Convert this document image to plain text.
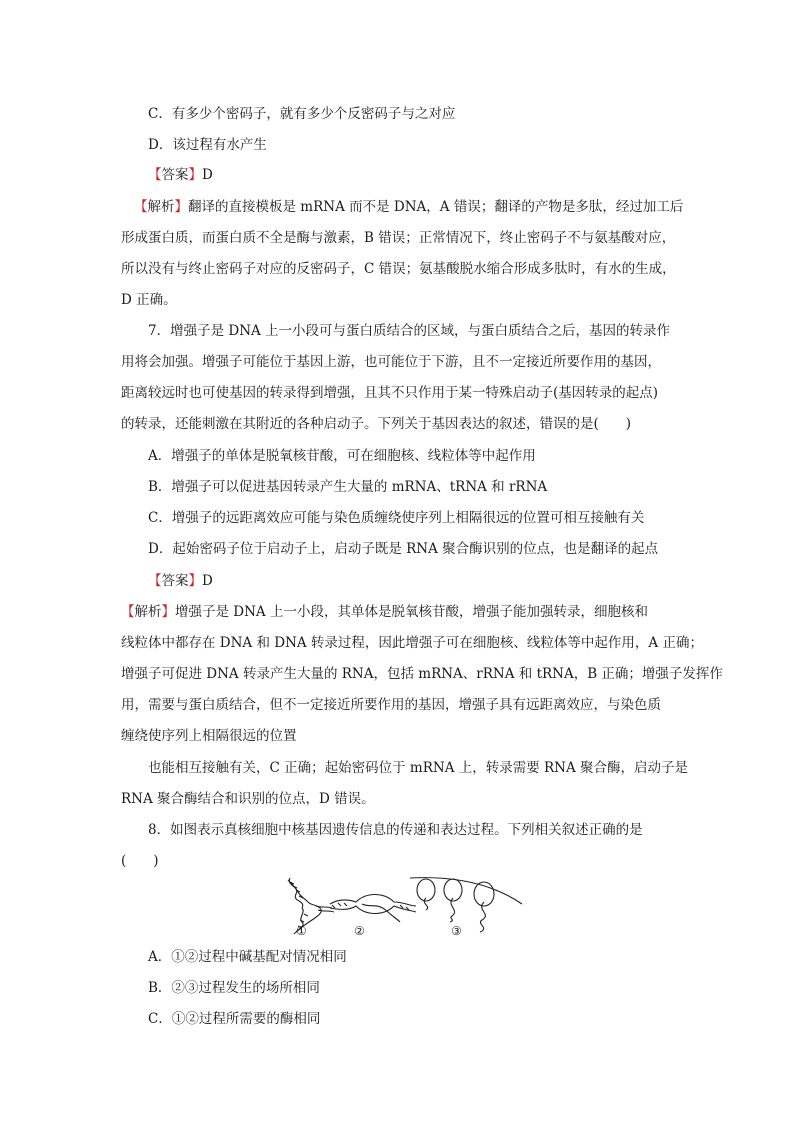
C．有多少个密码子，就有多少个反密码子与之对应
D．该过程有水产生
【答案】D
【解析】翻译的直接模板是 mRNA 而不是 DNA，A 错误；翻译的产物是多肽，经过加工后
形成蛋白质，而蛋白质不全是酶与激素，B 错误；正常情况下，终止密码子不与氨基酸对应，
所以没有与终止密码子对应的反密码子，C 错误；氨基酸脱水缩合形成多肽时，有水的生成，
D 正确。
7．增强子是 DNA 上一小段可与蛋白质结合的区域，与蛋白质结合之后，基因的转录作
用将会加强。增强子可能位于基因上游，也可能位于下游，且不一定接近所要作用的基因，
距离较远时也可使基因的转录得到增强，且其不只作用于某一特殊启动子(基因转录的起点)
的转录，还能刺激在其附近的各种启动子。下列关于基因表达的叙述，错误的是(　　)
A．增强子的单体是脱氧核苷酸，可在细胞核、线粒体等中起作用
B．增强子可以促进基因转录产生大量的 mRNA、tRNA 和 rRNA
C．增强子的远距离效应可能与染色质缠绕使序列上相隔很远的位置可相互接触有关
D．起始密码子位于启动子上，启动子既是 RNA 聚合酶识别的位点，也是翻译的起点
【答案】D
【解析】增强子是 DNA 上一小段，其单体是脱氧核苷酸，增强子能加强转录，细胞核和
线粒体中都存在 DNA 和 DNA 转录过程，因此增强子可在细胞核、线粒体等中起作用，A 正确；
增强子可促进 DNA 转录产生大量的 RNA，包括 mRNA、rRNA 和 tRNA，B 正确；增强子发挥作
用，需要与蛋白质结合，但不一定接近所要作用的基因，增强子具有远距离效应，与染色质
缠绕使序列上相隔很远的位置
也能相互接触有关，C 正确；起始密码位于 mRNA 上，转录需要 RNA 聚合酶，启动子是
RNA 聚合酶结合和识别的位点，D 错误。
8．如图表示真核细胞中核基因遗传信息的传递和表达过程。下列相关叙述正确的是
(　　)
①	②	③
A．①②过程中碱基配对情况相同
B．②③过程发生的场所相同
C．①②过程所需要的酶相同
